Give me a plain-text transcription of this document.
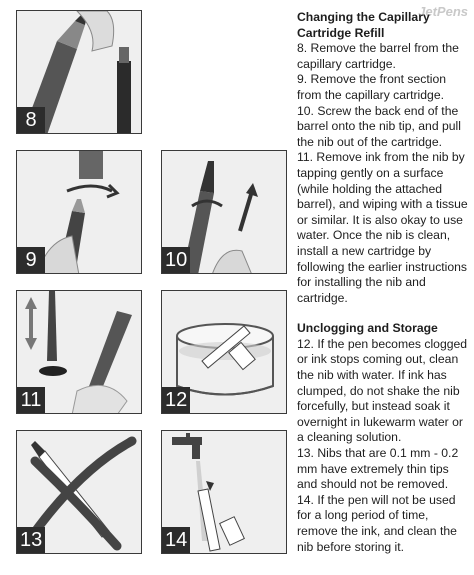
8
9	10
11	12
13	14
JetPens
Changing the Capillary Cartridge Refill

8. Remove the barrel from the capillary cartridge.

9. Remove the front section from the capillary cartridge.

10. Screw the back end of the barrel onto the nib tip, and pull the nib out of the cartridge.

11. Remove ink from the nib by tapping gently on a surface (while holding the attached barrel), and wiping with a tissue or similar. It is also okay to use water. Once the nib is clean, install a new cartridge by following the earlier instructions for installing the nib and cartridge.

Unclogging and Storage

12. If the pen becomes clogged or ink stops coming out, clean the nib with water. If ink has clumped, do not shake the nib forcefully, but instead soak it overnight in lukewarm water or a cleaning solution.

13. Nibs that are 0.1 mm - 0.2 mm have extremely thin tips and should not be removed.

14. If the pen will not be used for a long period of time, remove the ink, and clean the nib before storing it.
